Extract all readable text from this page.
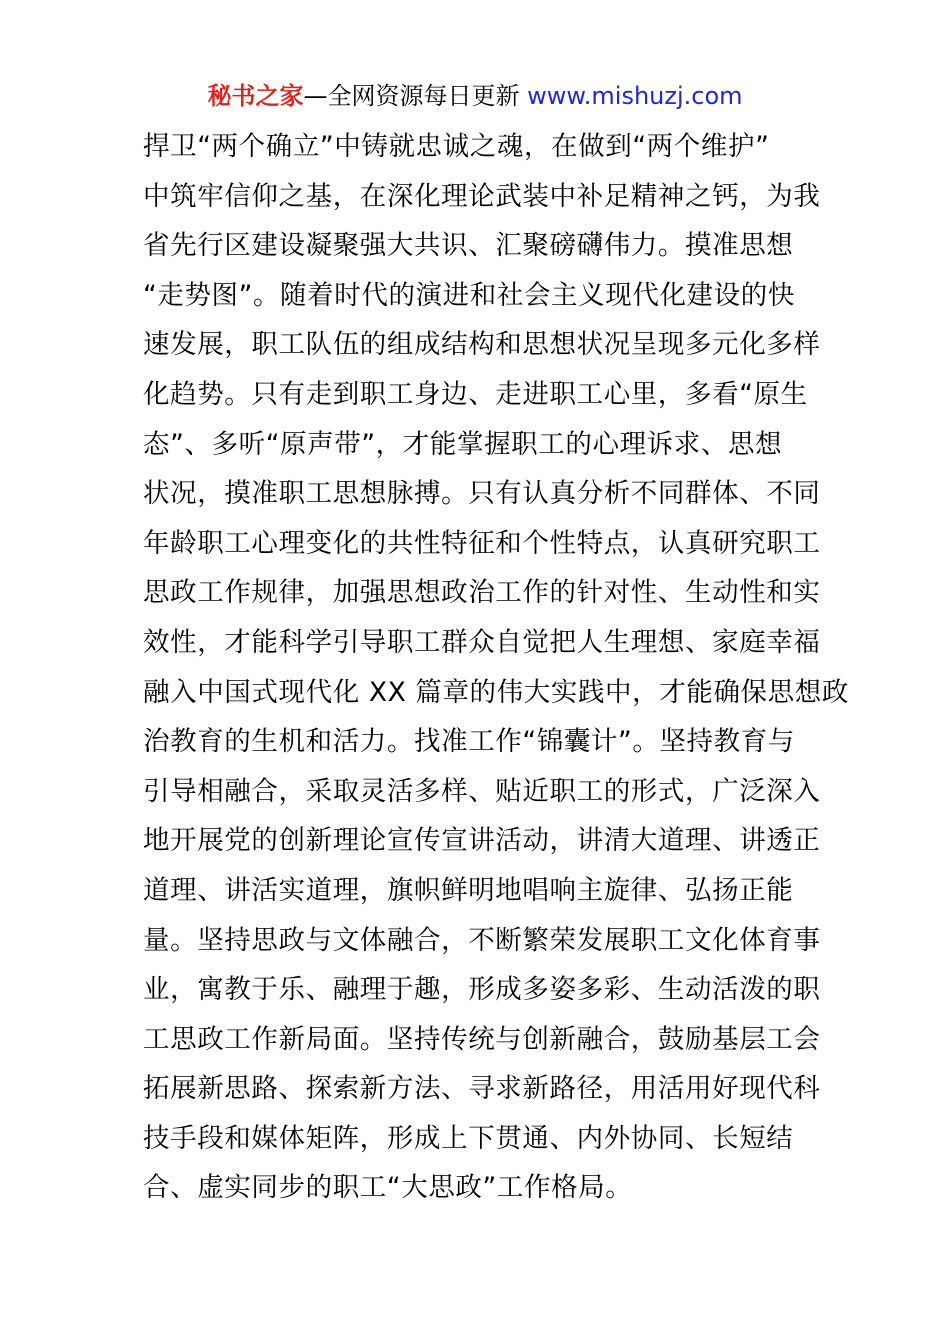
秘书之家—全网资源每日更新 www.mishuzj.com
捍卫“两个确立”中铸就忠诚之魂，在做到“两个维护”
中筑牢信仰之基，在深化理论武装中补足精神之钙，为我
省先行区建设凝聚强大共识、汇聚磅礴伟力。摸准思想
“走势图”。随着时代的演进和社会主义现代化建设的快
速发展，职工队伍的组成结构和思想状况呈现多元化多样
化趋势。只有走到职工身边、走进职工心里，多看“原生
态”、多听“原声带”，才能掌握职工的心理诉求、思想
状况，摸准职工思想脉搏。只有认真分析不同群体、不同
年龄职工心理变化的共性特征和个性特点，认真研究职工
思政工作规律，加强思想政治工作的针对性、生动性和实
效性，才能科学引导职工群众自觉把人生理想、家庭幸福
融入中国式现代化 XX 篇章的伟大实践中，才能确保思想政
治教育的生机和活力。找准工作“锦囊计”。坚持教育与
引导相融合，采取灵活多样、贴近职工的形式，广泛深入
地开展党的创新理论宣传宣讲活动，讲清大道理、讲透正
道理、讲活实道理，旗帜鲜明地唱响主旋律、弘扬正能
量。坚持思政与文体融合，不断繁荣发展职工文化体育事
业，寓教于乐、融理于趣，形成多姿多彩、生动活泼的职
工思政工作新局面。坚持传统与创新融合，鼓励基层工会
拓展新思路、探索新方法、寻求新路径，用活用好现代科
技手段和媒体矩阵，形成上下贯通、内外协同、长短结
合、虚实同步的职工“大思政”工作格局。
